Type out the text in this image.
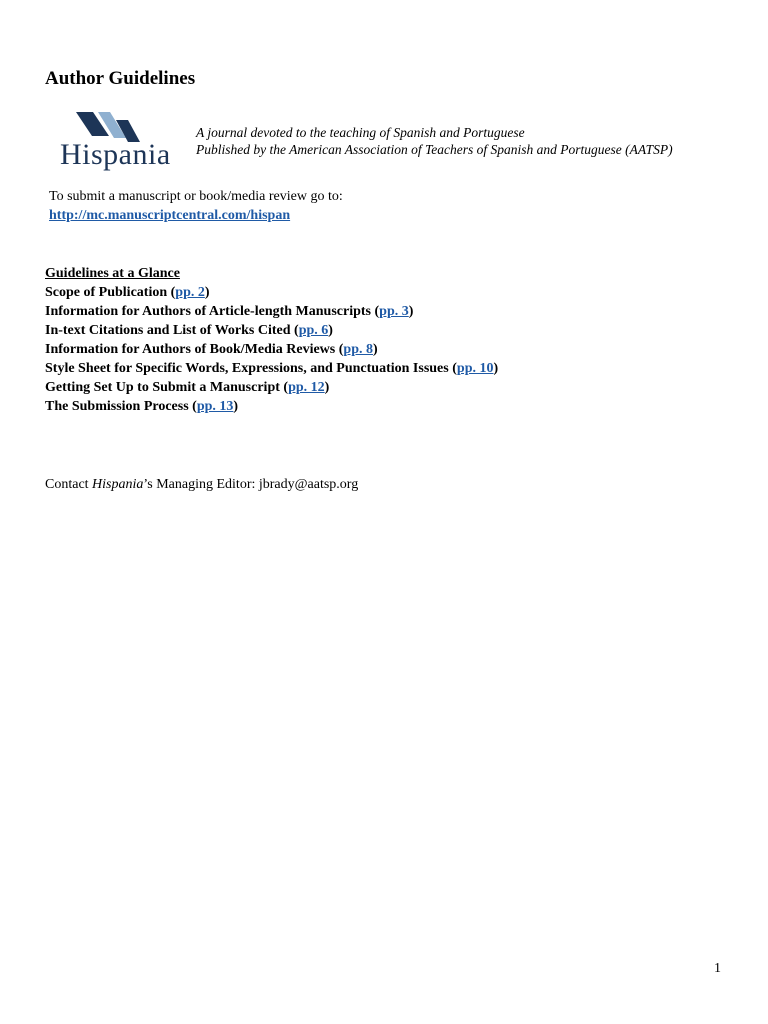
Author Guidelines
Hispania
A journal devoted to the teaching of Spanish and Portuguese
Published by the American Association of Teachers of Spanish and Portuguese (AATSP)
To submit a manuscript or book/media review go to:
http://mc.manuscriptcentral.com/hispan
Guidelines at a Glance
Scope of Publication (pp. 2)
Information for Authors of Article-length Manuscripts (pp. 3)
In-text Citations and List of Works Cited (pp. 6)
Information for Authors of Book/Media Reviews (pp. 8)
Style Sheet for Specific Words, Expressions, and Punctuation Issues (pp. 10)
Getting Set Up to Submit a Manuscript (pp. 12)
The Submission Process (pp. 13)
Contact Hispania’s Managing Editor: jbrady@aatsp.org
1
